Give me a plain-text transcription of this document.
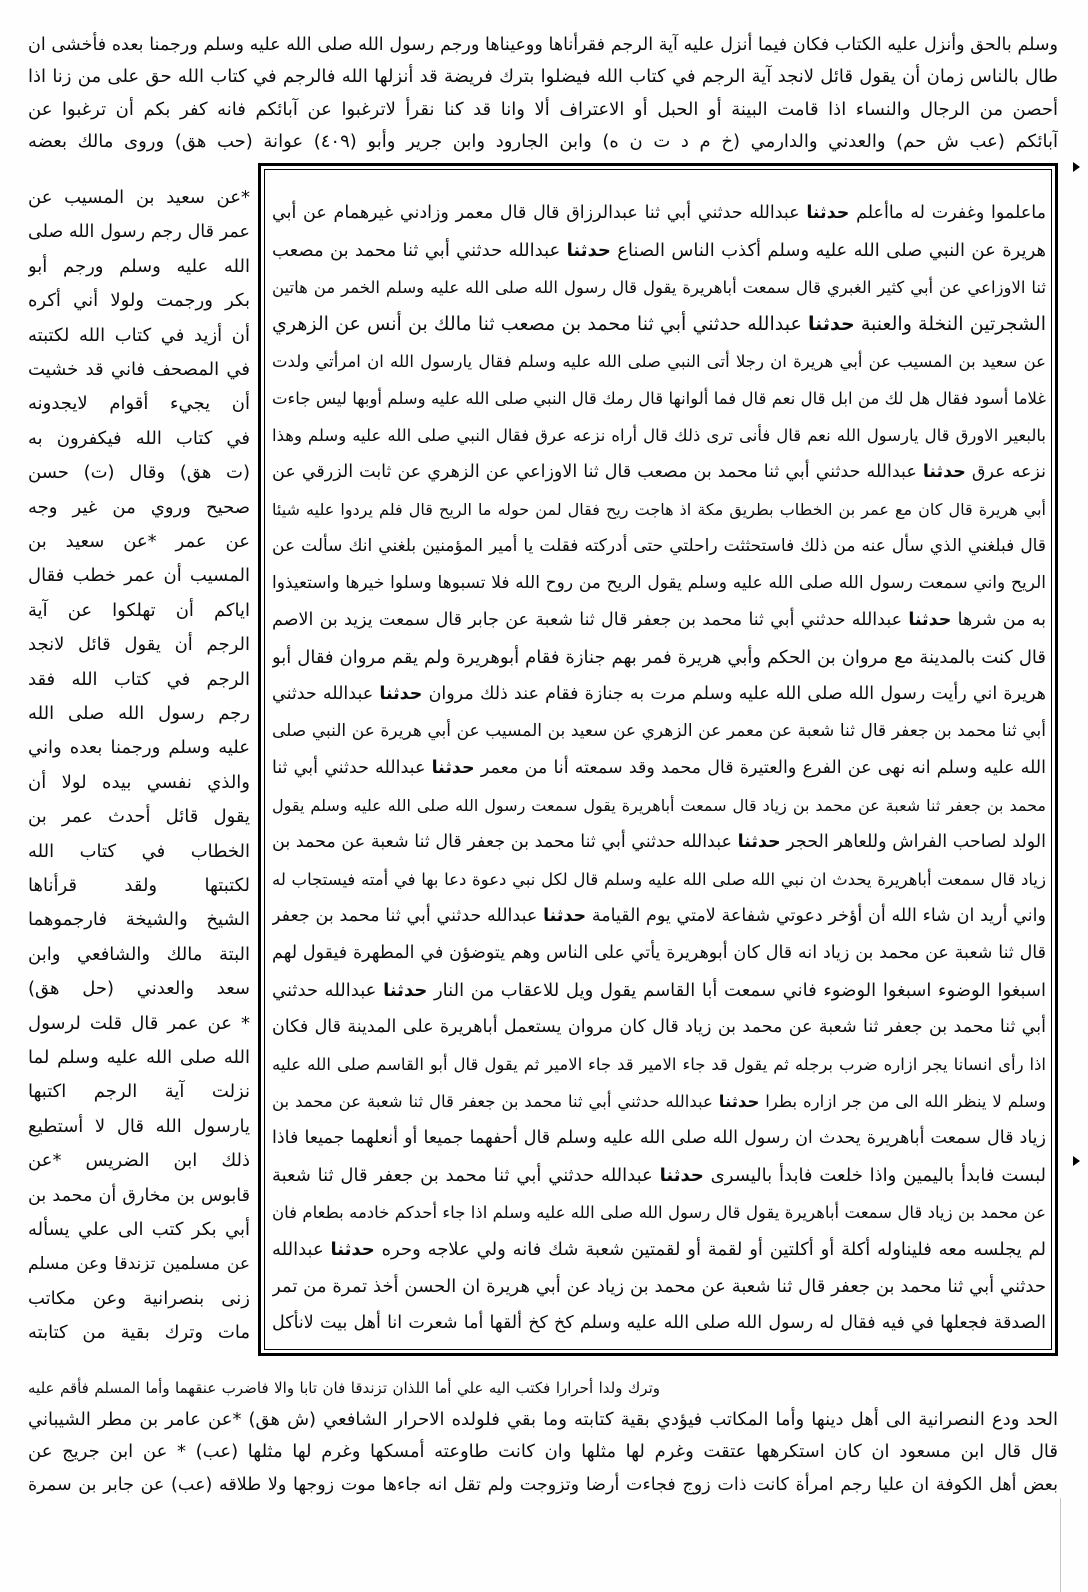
وسلم بالحق وأنزل عليه الكتاب فكان فيما أنزل عليه آية الرجم فقرأناها ووعيناها ورجم رسول الله صلى الله عليه وسلم ورجمنا بعده فأخشى ان
طال بالناس زمان أن يقول قائل لانجد آية الرجم في كتاب الله فيضلوا بترك فريضة قد أنزلها الله فالرجم في كتاب الله حق على من زنا اذا
أحصن من الرجال والنساء اذا قامت البينة أو الحبل أو الاعتراف ألا وانا قد كنا نقرأ لاترغبوا عن آبائكم فانه كفر بكم أن ترغبوا عن
آبائكم (عب ش حم) والعدني والدارمي (خ م د ت ن ه) وابن الجارود وابن جرير وأبو (٤٠٩) عوانة (حب هق) وروى مالك بعضه
ماعلموا وغفرت له ماأعلم حدثنا عبدالله حدثني أبي ثنا عبدالرزاق قال قال معمر وزادني غيرهمام عن أبي
هريرة عن النبي صلى الله عليه وسلم أكذب الناس الصناع حدثنا عبدالله حدثني أبي ثنا محمد بن مصعب
ثنا الاوزاعي عن أبي كثير الغبري قال سمعت أباهريرة يقول قال رسول الله صلى الله عليه وسلم الخمر من هاتين
الشجرتين النخلة والعنبة حدثنا عبدالله حدثني أبي ثنا محمد بن مصعب ثنا مالك بن أنس عن الزهري
عن سعيد بن المسيب عن أبي هريرة ان رجلا أتى النبي صلى الله عليه وسلم فقال يارسول الله ان امرأتي ولدت
غلاما أسود فقال هل لك من ابل قال نعم قال فما ألوانها قال رمك قال النبي صلى الله عليه وسلم أوبها ليس جاءت
بالبعير الاورق قال يارسول الله نعم قال فأنى ترى ذلك قال أراه نزعه عرق فقال النبي صلى الله عليه وسلم وهذا
نزعه عرق حدثنا عبدالله حدثني أبي ثنا محمد بن مصعب قال ثنا الاوزاعي عن الزهري عن ثابت الزرقي عن
أبي هريرة قال كان مع عمر بن الخطاب بطريق مكة اذ هاجت ريح فقال لمن حوله ما الريح قال فلم يردوا عليه شيئا
قال فبلغني الذي سأل عنه من ذلك فاستحثثت راحلتي حتى أدركته فقلت يا أمير المؤمنين بلغني انك سألت عن
الريح واني سمعت رسول الله صلى الله عليه وسلم يقول الريح من روح الله فلا تسبوها وسلوا خيرها واستعيذوا
به من شرها حدثنا عبدالله حدثني أبي ثنا محمد بن جعفر قال ثنا شعبة عن جابر قال سمعت يزيد بن الاصم
قال كنت بالمدينة مع مروان بن الحكم وأبي هريرة فمر بهم جنازة فقام أبوهريرة ولم يقم مروان فقال أبو
هريرة اني رأيت رسول الله صلى الله عليه وسلم مرت به جنازة فقام عند ذلك مروان حدثنا عبدالله حدثني
أبي ثنا محمد بن جعفر قال ثنا شعبة عن معمر عن الزهري عن سعيد بن المسيب عن أبي هريرة عن النبي صلى
الله عليه وسلم انه نهى عن الفرع والعتيرة قال محمد وقد سمعته أنا من معمر حدثنا عبدالله حدثني أبي ثنا
محمد بن جعفر ثنا شعبة عن محمد بن زياد قال سمعت أباهريرة يقول سمعت رسول الله صلى الله عليه وسلم يقول
الولد لصاحب الفراش وللعاهر الحجر حدثنا عبدالله حدثني أبي ثنا محمد بن جعفر قال ثنا شعبة عن محمد بن
زياد قال سمعت أباهريرة يحدث ان نبي الله صلى الله عليه وسلم قال لكل نبي دعوة دعا بها في أمته فيستجاب له
واني أريد ان شاء الله أن أؤخر دعوتي شفاعة لامتي يوم القيامة حدثنا عبدالله حدثني أبي ثنا محمد بن جعفر
قال ثنا شعبة عن محمد بن زياد انه قال كان أبوهريرة يأتي على الناس وهم يتوضؤن في المطهرة فيقول لهم
اسبغوا الوضوء اسبغوا الوضوء فاني سمعت أبا القاسم يقول ويل للاعقاب من النار حدثنا عبدالله حدثني
أبي ثنا محمد بن جعفر ثنا شعبة عن محمد بن زياد قال كان مروان يستعمل أباهريرة على المدينة قال فكان
اذا رأى انسانا يجر ازاره ضرب برجله ثم يقول قد جاء الامير قد جاء الامير ثم يقول قال أبو القاسم صلى الله عليه
وسلم لا ينظر الله الى من جر ازاره بطرا حدثنا عبدالله حدثني أبي ثنا محمد بن جعفر قال ثنا شعبة عن محمد بن
زياد قال سمعت أباهريرة يحدث ان رسول الله صلى الله عليه وسلم قال أحفهما جميعا أو أنعلهما جميعا فاذا
لبست فابدأ باليمين واذا خلعت فابدأ باليسرى حدثنا عبدالله حدثني أبي ثنا محمد بن جعفر قال ثنا شعبة
عن محمد بن زياد قال سمعت أباهريرة يقول قال رسول الله صلى الله عليه وسلم اذا جاء أحدكم خادمه بطعام فان
لم يجلسه معه فليناوله أكلة أو أكلتين أو لقمة أو لقمتين شعبة شك فانه ولي علاجه وحره حدثنا عبدالله
حدثني أبي ثنا محمد بن جعفر قال ثنا شعبة عن محمد بن زياد عن أبي هريرة ان الحسن أخذ تمرة من تمر
الصدقة فجعلها في فيه فقال له رسول الله صلى الله عليه وسلم كخ كخ ألقها أما شعرت انا أهل بيت لانأكل
*عن سعيد بن المسيب عن
عمر قال رجم رسول الله صلى
الله عليه وسلم ورجم أبو
بكر ورجمت ولولا أني أكره
أن أزيد في كتاب الله لكتبته
في المصحف فاني قد خشيت
أن يجيء أقوام لايجدونه
في كتاب الله فيكفرون به
(ت هق) وقال (ت) حسن
صحيح وروي من غير وجه
عن عمر *عن سعيد بن
المسيب أن عمر خطب فقال
اياكم أن تهلكوا عن آية
الرجم أن يقول قائل لانجد
الرجم في كتاب الله فقد
رجم رسول الله صلى الله
عليه وسلم ورجمنا بعده واني
والذي نفسي بيده لولا أن
يقول قائل أحدث عمر بن
الخطاب في كتاب الله
لكتبتها ولقد قرأناها
الشيخ والشيخة فارجموهما
البتة مالك والشافعي وابن
سعد والعدني (حل هق)
* عن عمر قال قلت لرسول
الله صلى الله عليه وسلم لما
نزلت آية الرجم اكتبها
يارسول الله قال لا أستطيع
ذلك ابن الضريس *عن
قابوس بن مخارق أن محمد بن
أبي بكر كتب الى علي يسأله
عن مسلمين تزندقا وعن مسلم
زنى بنصرانية وعن مكاتب
مات وترك بقية من كتابته
وترك ولدا أحرارا فكتب اليه علي أما اللذان تزندقا فان تابا والا فاضرب عنقهما وأما المسلم فأقم عليه
الحد ودع النصرانية الى أهل دينها وأما المكاتب فيؤدي بقية كتابته وما بقي فلولده الاحرار الشافعي (ش هق) *عن عامر بن مطر الشيباني
قال قال ابن مسعود ان كان استكرهها عتقت وغرم لها مثلها وان كانت طاوعته أمسكها وغرم لها مثلها (عب) * عن ابن جريج عن
بعض أهل الكوفة ان عليا رجم امرأة كانت ذات زوج فجاءت أرضا وتزوجت ولم تقل انه جاءها موت زوجها ولا طلاقه (عب) عن جابر بن سمرة
